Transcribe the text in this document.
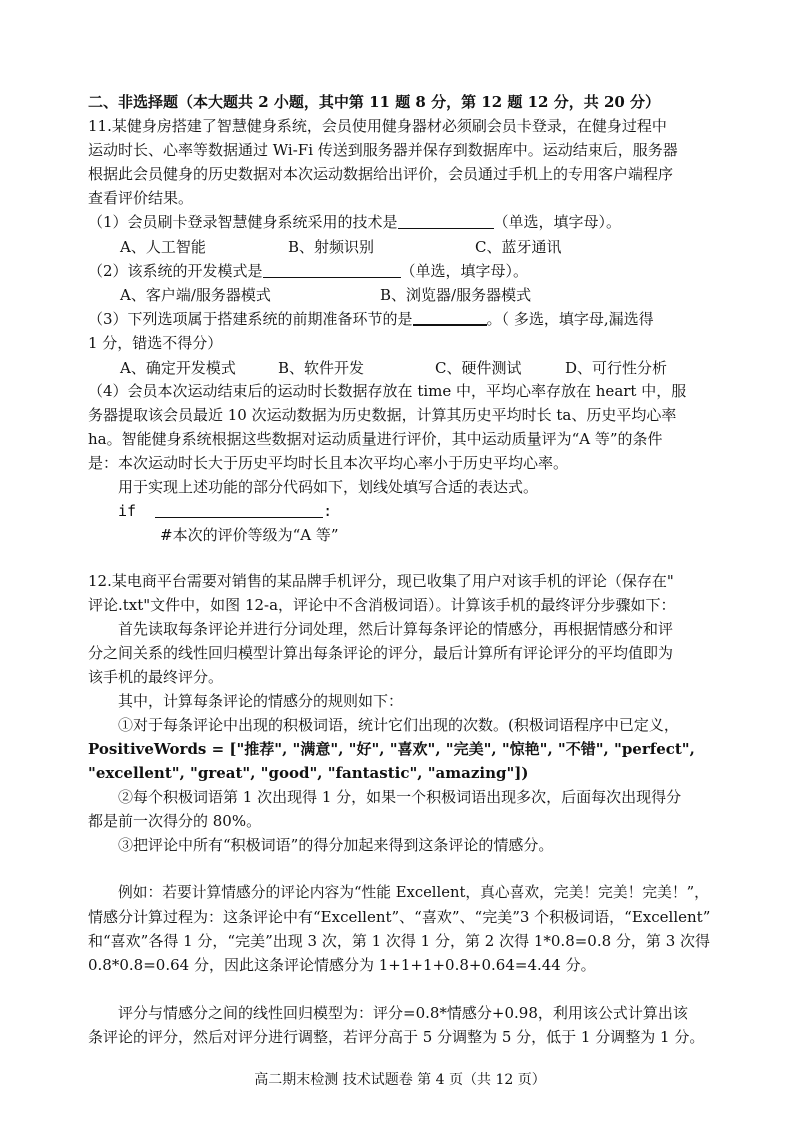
二、非选择题（本大题共 2 小题，其中第 11 题 8 分，第 12 题 12 分，共 20 分）
11.某健身房搭建了智慧健身系统，会员使用健身器材必须刷会员卡登录，在健身过程中
运动时长、心率等数据通过 Wi-Fi 传送到服务器并保存到数据库中。运动结束后，服务器
根据此会员健身的历史数据对本次运动数据给出评价，会员通过手机上的专用客户端程序
查看评价结果。
（1）会员刷卡登录智慧健身系统采用的技术是	（单选，填字母）。
A、人工智能	B、射频识别	C、蓝牙通讯
（2）该系统的开发模式是	（单选，填字母）。
A、客户端/服务器模式	B、浏览器/服务器模式
（3）下列选项属于搭建系统的前期准备环节的是	。（ 多选，填字母,漏选得
1 分，错选不得分）
A、确定开发模式	B、软件开发	C、硬件测试	D、可行性分析
（4）会员本次运动结束后的运动时长数据存放在 time 中，平均心率存放在 heart 中，服
务器提取该会员最近 10 次运动数据为历史数据，计算其历史平均时长 ta、历史平均心率
ha。智能健身系统根据这些数据对运动质量进行评价，其中运动质量评为“A 等”的条件
是：本次运动时长大于历史平均时长且本次平均心率小于历史平均心率。
用于实现上述功能的部分代码如下，划线处填写合适的表达式。
if	:
#本次的评价等级为“A 等”
12.某电商平台需要对销售的某品牌手机评分，现已收集了用户对该手机的评论（保存在"
评论.txt"文件中，如图 12-a，评论中不含消极词语）。计算该手机的最终评分步骤如下：
首先读取每条评论并进行分词处理，然后计算每条评论的情感分，再根据情感分和评
分之间关系的线性回归模型计算出每条评论的评分，最后计算所有评论评分的平均值即为
该手机的最终评分。
其中，计算每条评论的情感分的规则如下：
①对于每条评论中出现的积极词语，统计它们出现的次数。(积极词语程序中已定义，
PositiveWords = ["推荐", "满意", "好", "喜欢", "完美", "惊艳", "不错", "perfect",
"excellent", "great", "good", "fantastic", "amazing"])
②每个积极词语第 1 次出现得 1 分，如果一个积极词语出现多次，后面每次出现得分
都是前一次得分的 80%。
③把评论中所有“积极词语”的得分加起来得到这条评论的情感分。
例如：若要计算情感分的评论内容为“性能 Excellent，真心喜欢，完美！完美！完美！”，
情感分计算过程为：这条评论中有“Excellent”、“喜欢”、“完美”3 个积极词语，“Excellent”
和“喜欢”各得 1 分，“完美”出现 3 次，第 1 次得 1 分，第 2 次得 1*0.8=0.8 分，第 3 次得
0.8*0.8=0.64 分，因此这条评论情感分为 1+1+1+0.8+0.64=4.44 分。
评分与情感分之间的线性回归模型为：评分=0.8*情感分+0.98，利用该公式计算出该
条评论的评分，然后对评分进行调整，若评分高于 5 分调整为 5 分，低于 1 分调整为 1 分。
高二期末检测 技术试题卷 第 4 页（共 12 页）
